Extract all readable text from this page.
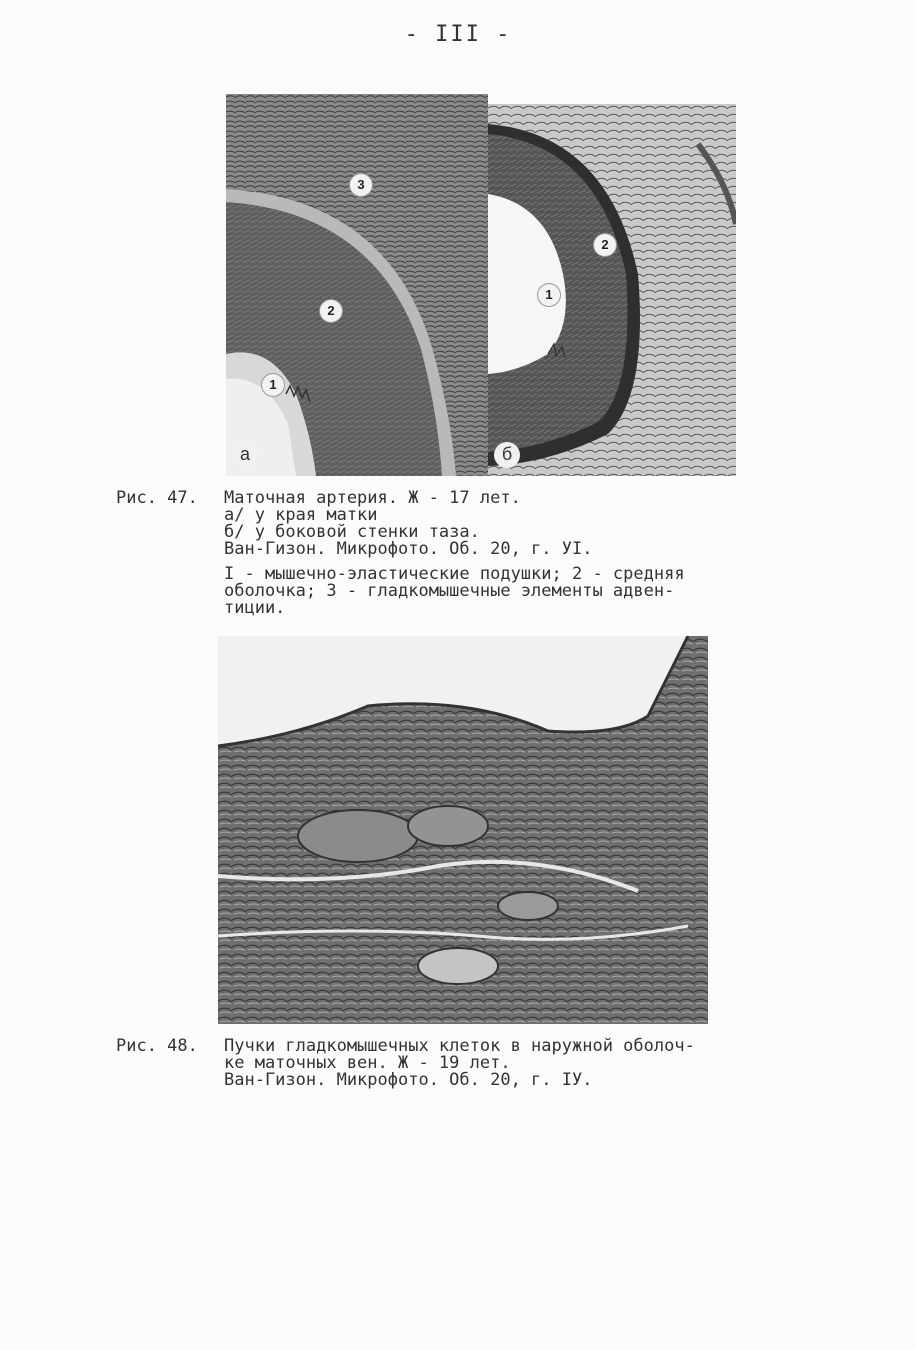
- III -
3
2
1
а
2
1
б

Рис. 47.

Маточная артерия. Ж - 17 лет.

а/ у края матки

б/ у боковой стенки таза.

Ван-Гизон. Микрофото. Об. 20, г. УI.

I - мышечно-эластические подушки; 2 - средняя

оболочка; 3 - гладкомышечные элементы адвен-

тиции.

Рис. 48.

Пучки гладкомышечных клеток в наружной оболоч-

ке маточных вен. Ж - 19 лет.

Ван-Гизон. Микрофото. Об. 20, г. IУ.
